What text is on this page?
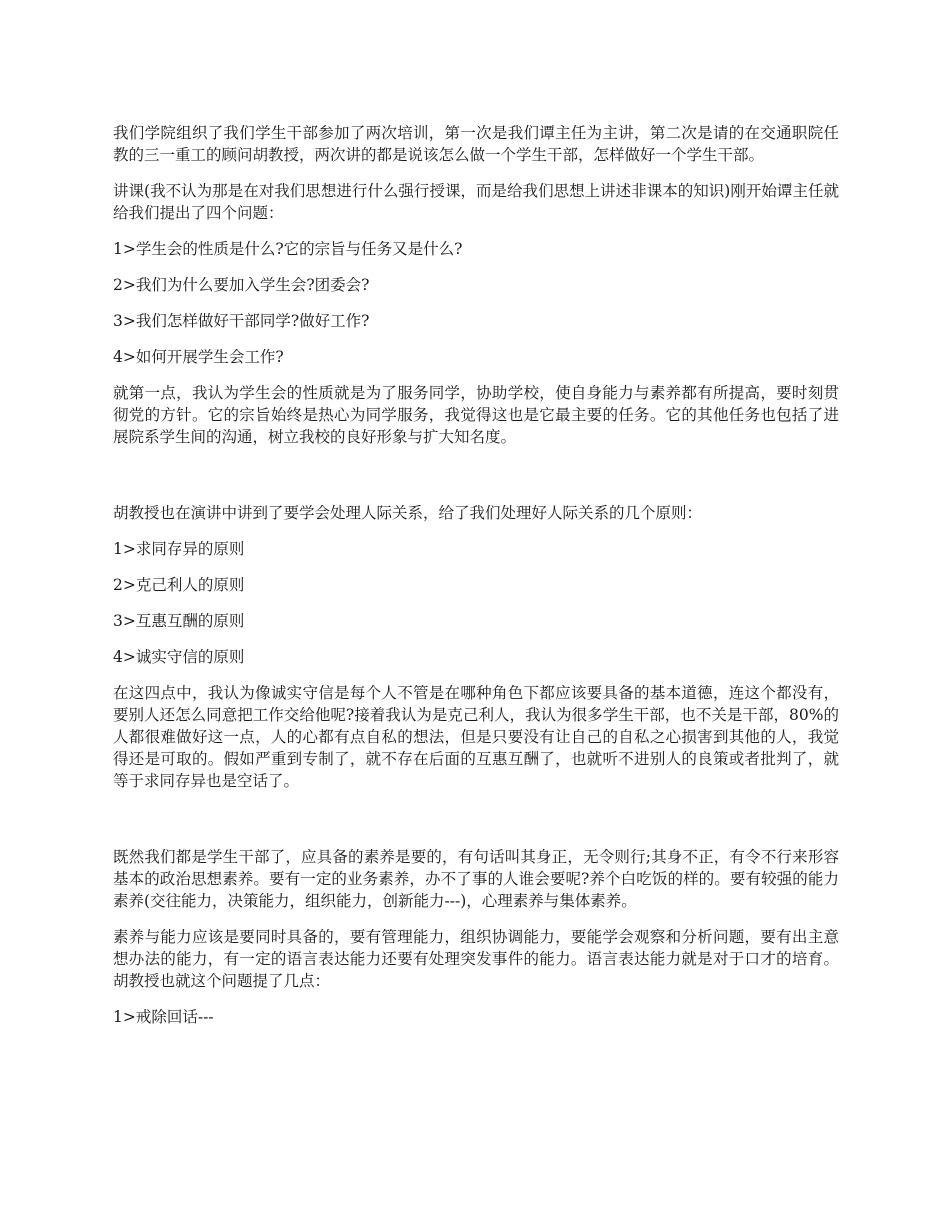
我们学院组织了我们学生干部参加了两次培训，第一次是我们谭主任为主讲，第二次是请的在交通职院任教的三一重工的顾问胡教授，两次讲的都是说该怎么做一个学生干部，怎样做好一个学生干部。

讲课(我不认为那是在对我们思想进行什么强行授课，而是给我们思想上讲述非课本的知识)刚开始谭主任就给我们提出了四个问题：

1>学生会的性质是什么?它的宗旨与任务又是什么?

2>我们为什么要加入学生会?团委会?

3>我们怎样做好干部同学?做好工作?

4>如何开展学生会工作?

就第一点，我认为学生会的性质就是为了服务同学，协助学校，使自身能力与素养都有所提高，要时刻贯彻党的方针。它的宗旨始终是热心为同学服务，我觉得这也是它最主要的任务。它的其他任务也包括了进展院系学生间的沟通，树立我校的良好形象与扩大知名度。

胡教授也在演讲中讲到了要学会处理人际关系，给了我们处理好人际关系的几个原则：

1>求同存异的原则

2>克己利人的原则

3>互惠互酬的原则

4>诚实守信的原则

在这四点中，我认为像诚实守信是每个人不管是在哪种角色下都应该要具备的基本道德，连这个都没有，要别人还怎么同意把工作交给他呢?接着我认为是克己利人，我认为很多学生干部，也不关是干部，80%的人都很难做好这一点，人的心都有点自私的想法，但是只要没有让自己的自私之心损害到其他的人，我觉得还是可取的。假如严重到专制了，就不存在后面的互惠互酬了，也就听不进别人的良策或者批判了，就等于求同存异也是空话了。

既然我们都是学生干部了，应具备的素养是要的，有句话叫其身正，无令则行;其身不正，有令不行来形容基本的政治思想素养。要有一定的业务素养，办不了事的人谁会要呢?养个白吃饭的样的。要有较强的能力素养(交往能力，决策能力，组织能力，创新能力---)，心理素养与集体素养。

素养与能力应该是要同时具备的，要有管理能力，组织协调能力，要能学会观察和分析问题，要有出主意想办法的能力，有一定的语言表达能力还要有处理突发事件的能力。语言表达能力就是对于口才的培育。胡教授也就这个问题提了几点：

1>戒除回话---
